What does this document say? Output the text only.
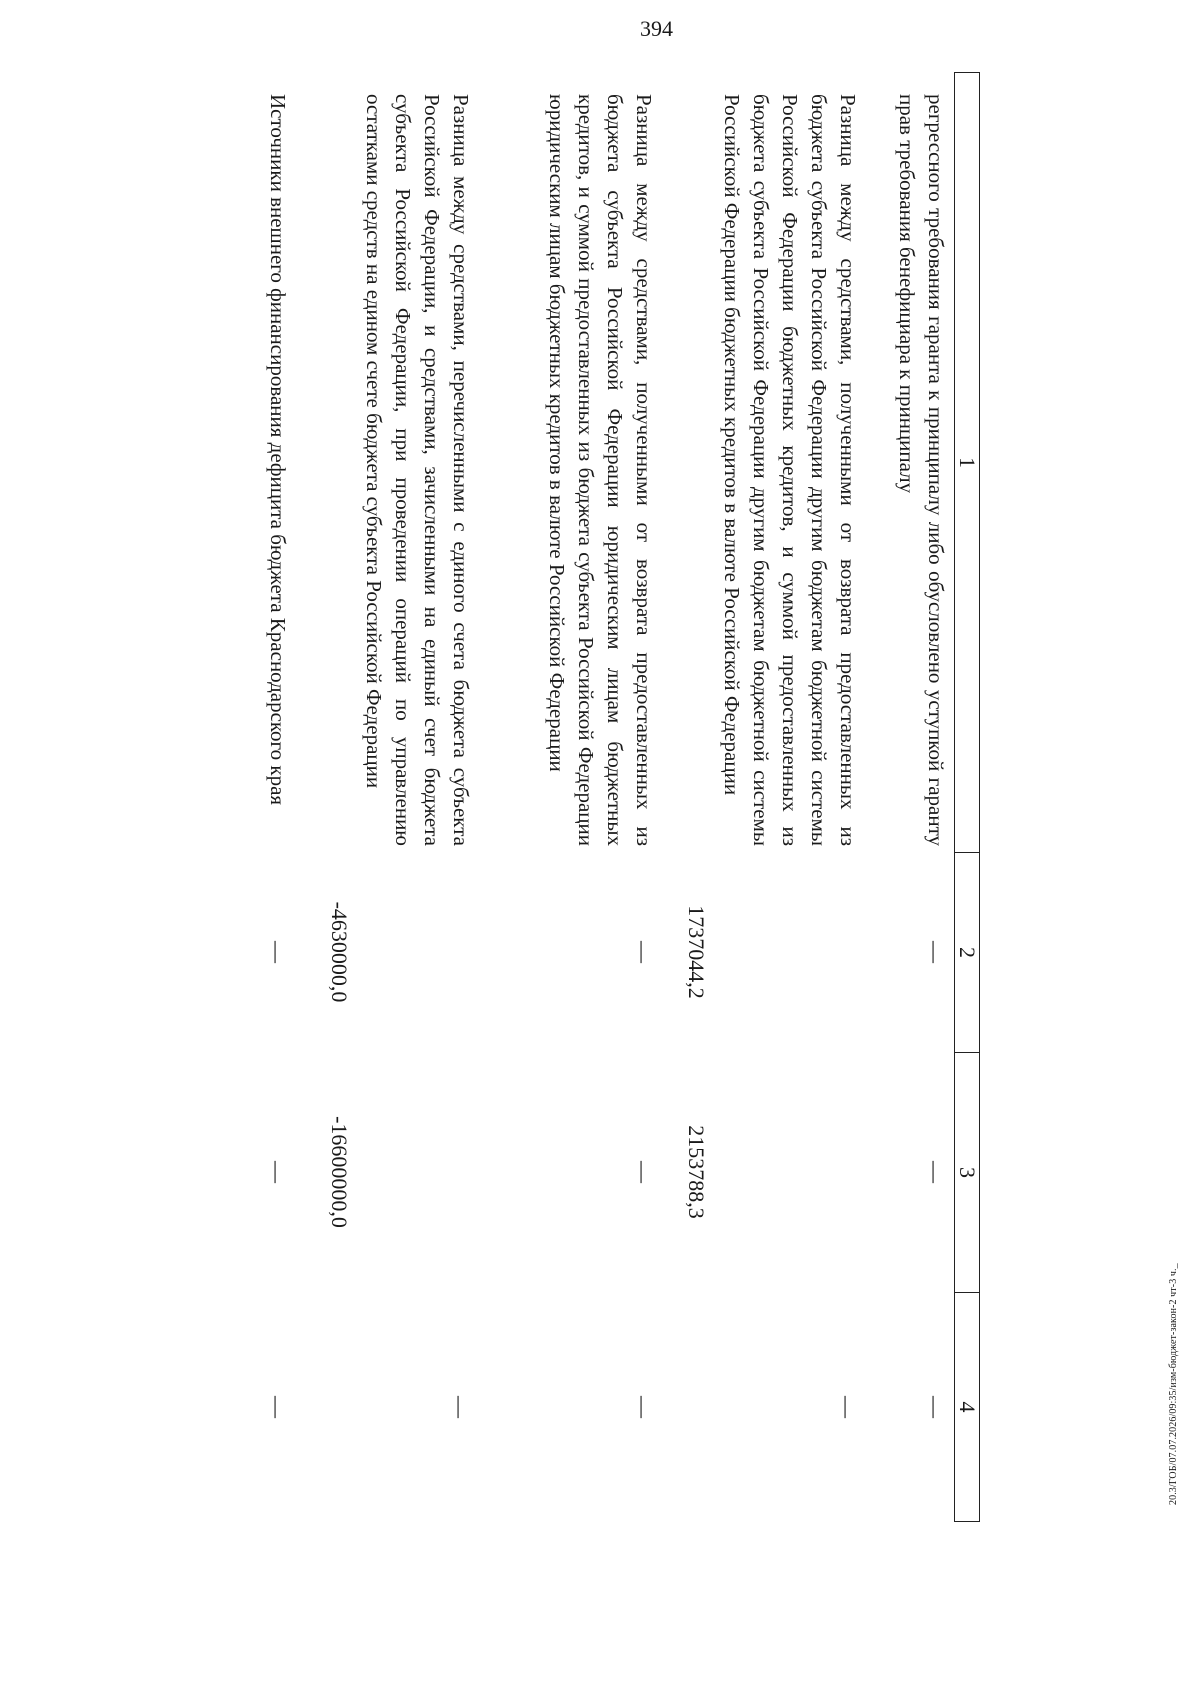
394
1
2
3
4
регрессного требования гаранта к принципалу либо обусловлено уступкой гаранту прав требования бенефициара к принципалу
—
—
—
Разница между средствами, полученными от возврата предоставленных из бюджета субъекта Российской Федерации другим бюджетам бюджетной системы Российской Федерации бюджетных кредитов, и суммой предоставленных из бюджета субъекта Российской Федерации другим бюджетам бюджетной системы Российской Федерации бюджетных кредитов в валюте Российской Федерации
1737044,2
2153788,3
—
Разница между средствами, полученными от возврата предоставленных из бюджета субъекта Российской Федерации юридическим лицам бюджетных кредитов, и суммой предоставленных из бюджета субъекта Российской Федерации юридическим лицам бюджетных кредитов в валюте Российской Федерации
—
—
—
Разница между средствами, перечисленными с единого счета бюджета субъекта Российской Федерации, и средствами, зачисленными на единый счет бюджета субъекта Российской Федерации, при проведении операций по управлению остатками средств на едином счете бюджета субъекта Российской Федерации
-4630000,0
-16600000,0
—
Источники внешнего финансирования дефицита бюджета Краснодарского края
—
—
—	20.3/ГОБ/07.07.2026/09:35/изм-бюджет-закон-2 чт-3 ч._
